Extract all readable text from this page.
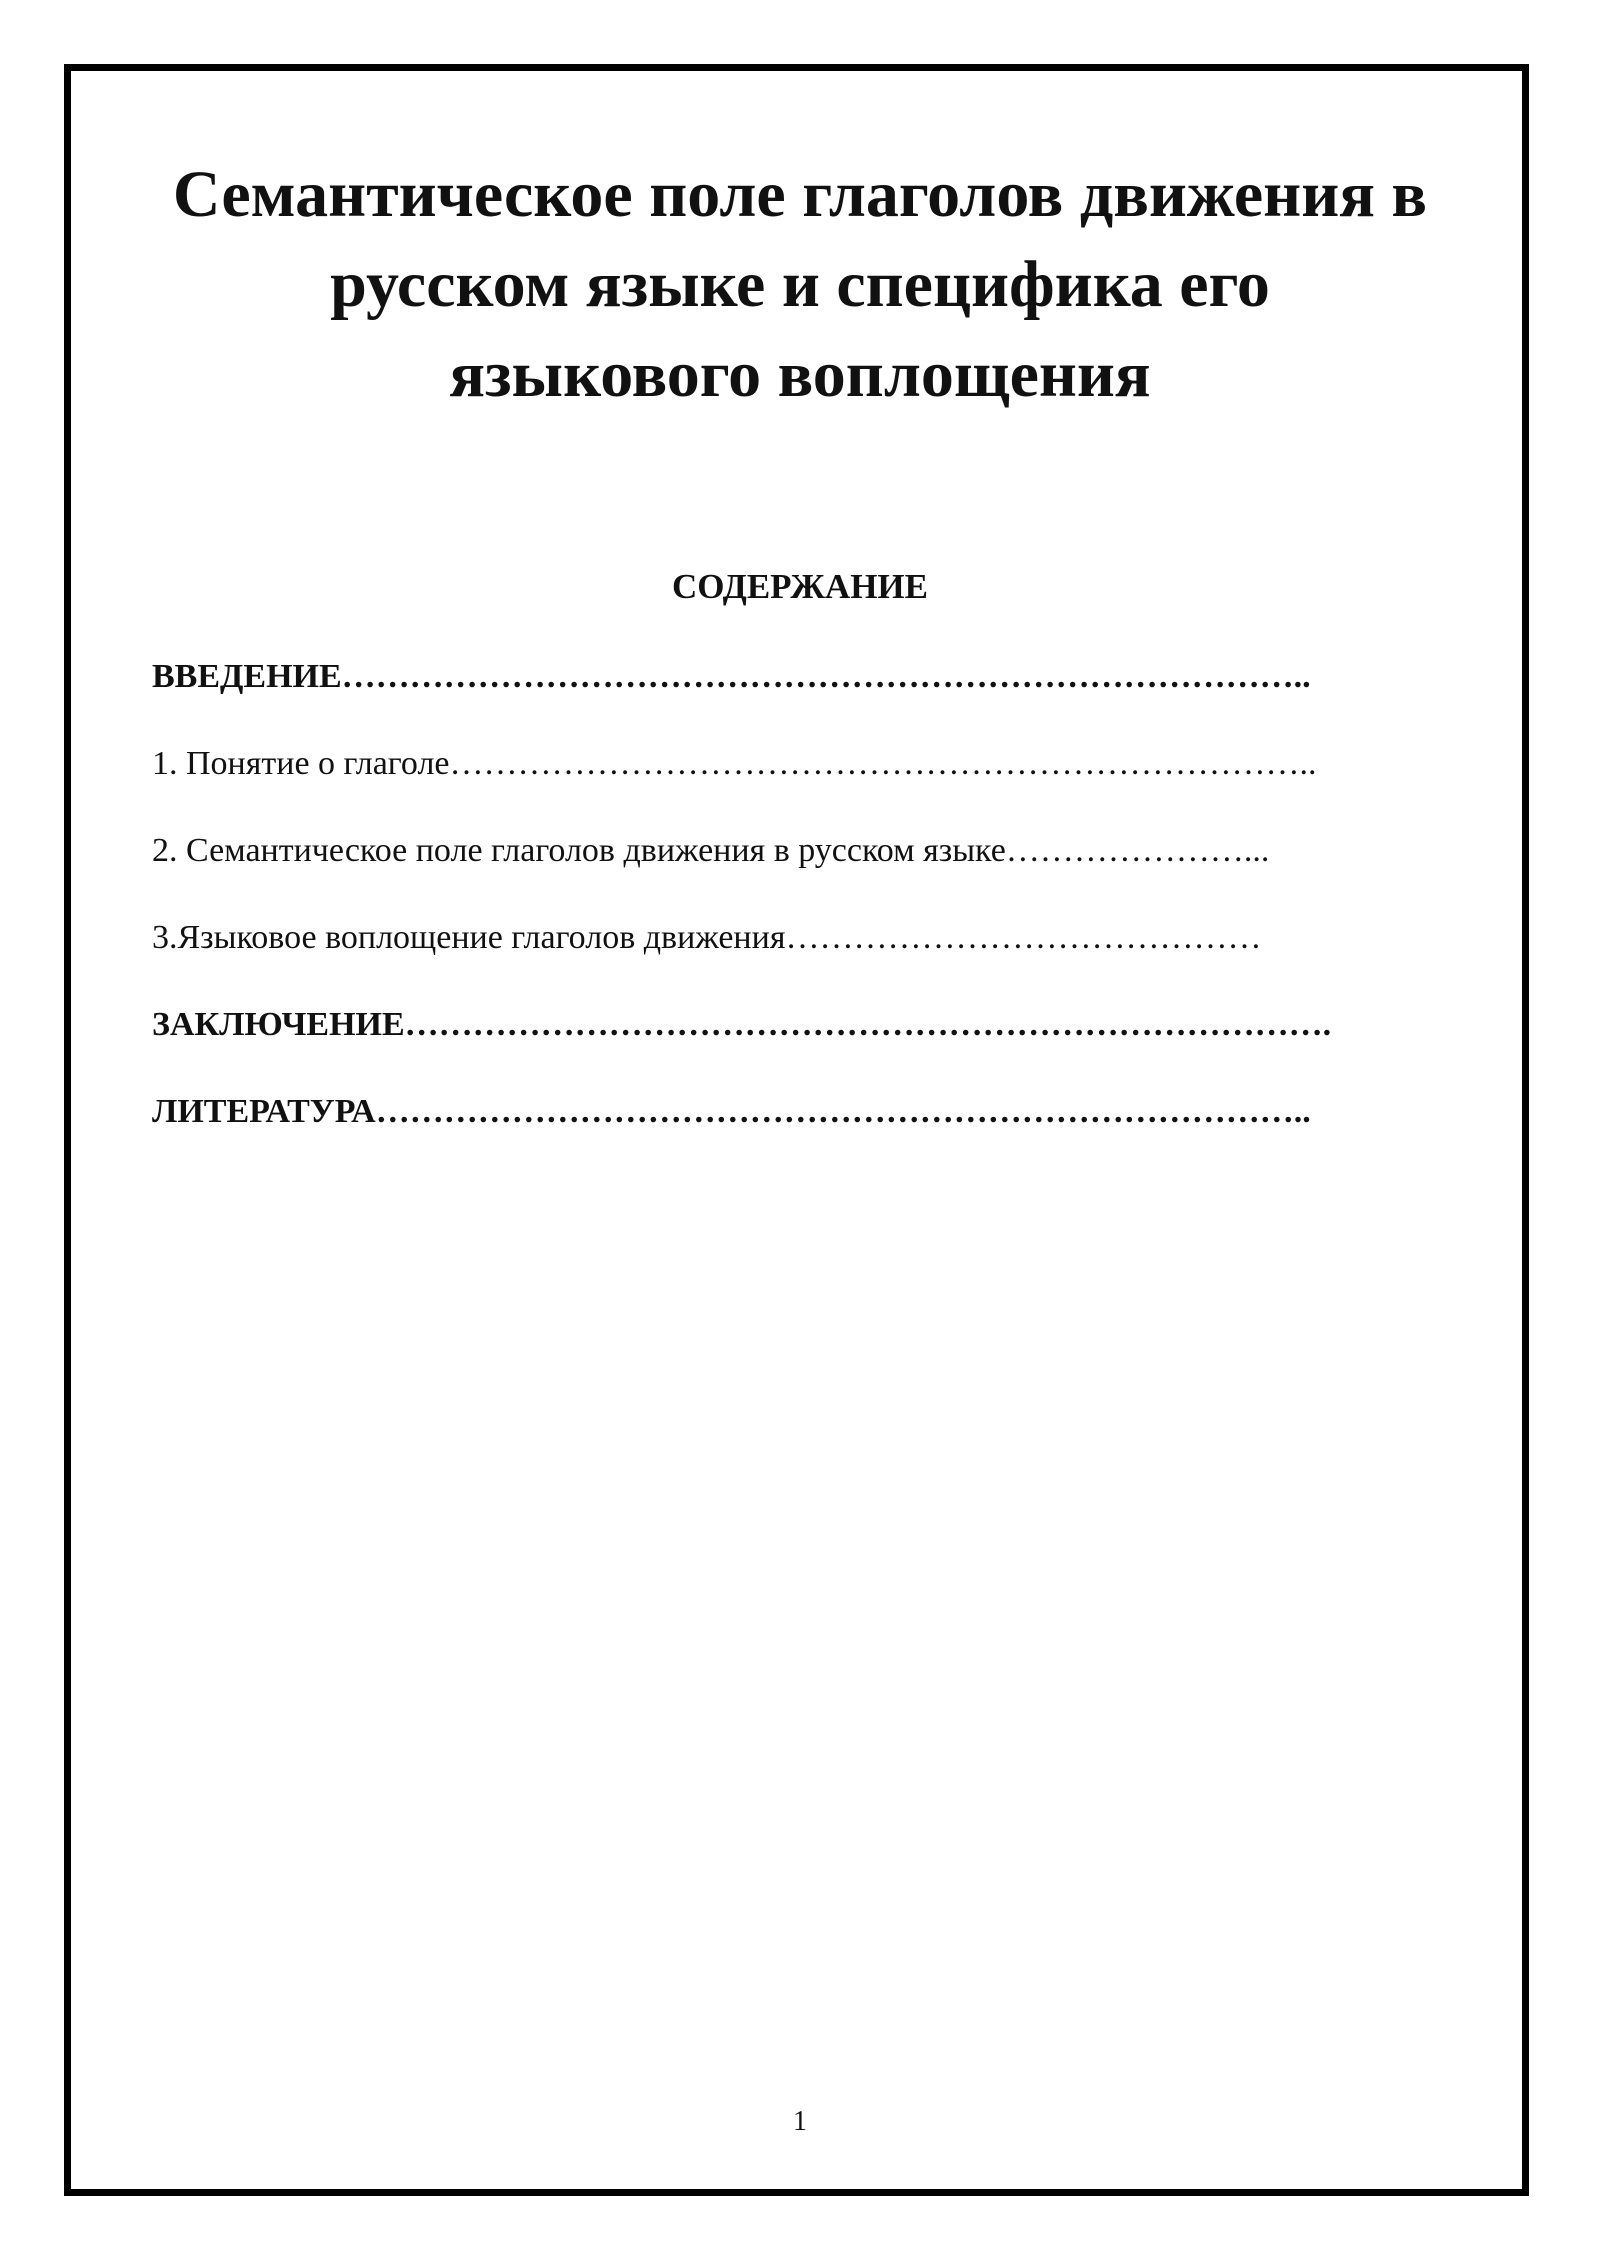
Семантическое поле глаголов движения в
русском языке и специфика его
языкового воплощения
СОДЕРЖАНИЕ
ВВЕДЕНИЕ…………………………………………………………………………..
1. Понятие о глаголе…………………………………………………………………..
2. Семантическое поле глаголов движения в русском языке…………………...
3.Языковое воплощение глаголов движения……………………………………
ЗАКЛЮЧЕНИЕ……………………………………………………………………….
ЛИТЕРАТУРА………………………………………………………………………..
1
